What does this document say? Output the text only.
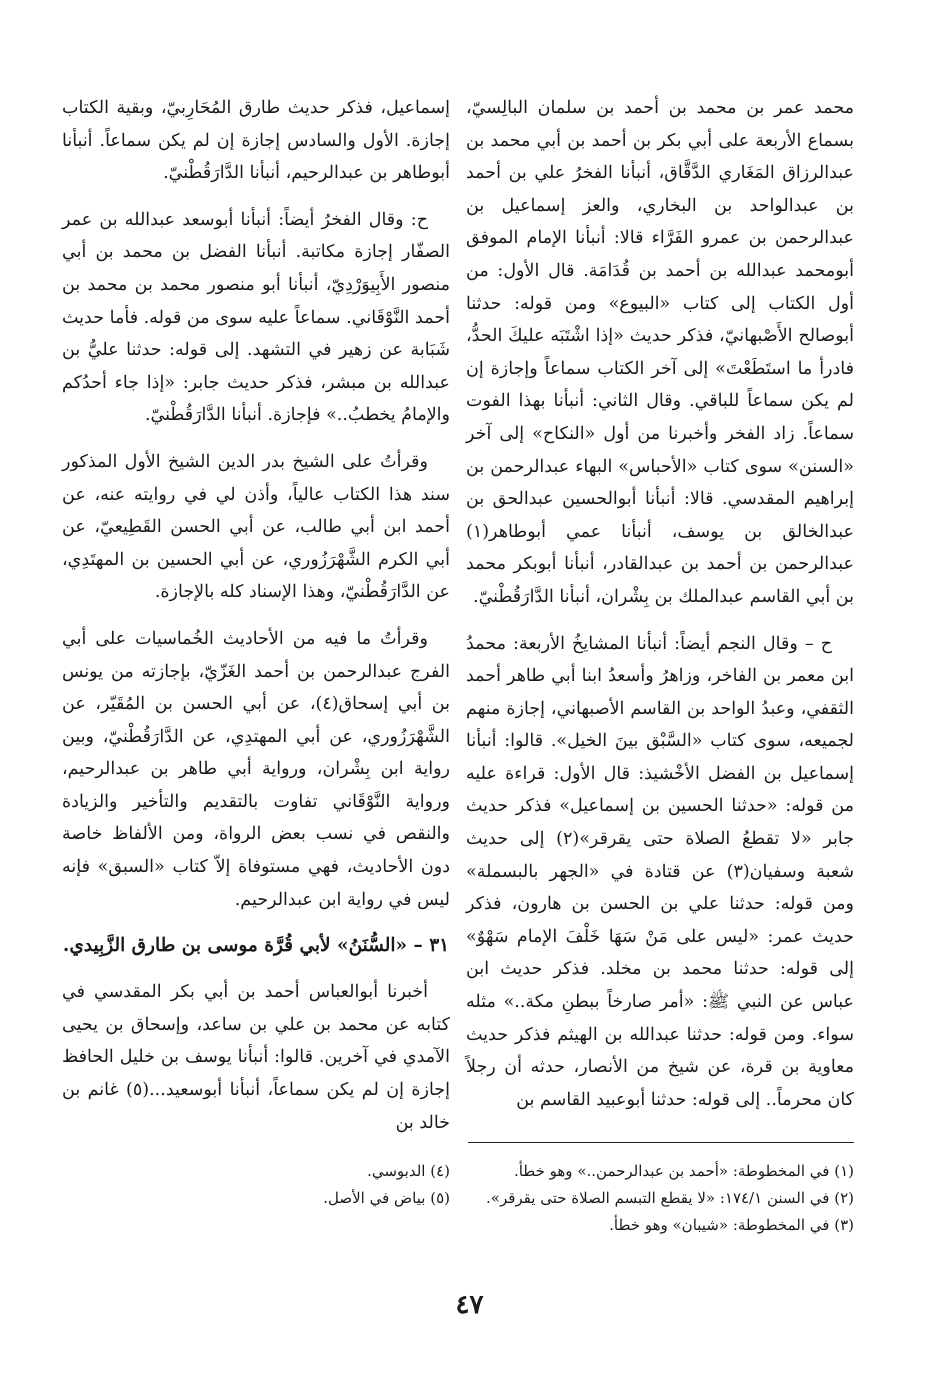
محمد عمر بن محمد بن أحمد بن سلمان البالِسيّ، بسماع الأربعة على أبي بكر بن أحمد بن أبي محمد بن عبدالرزاق المَغَاري الدَّقَّاق، أنبأنا الفخرُ علي بن أحمد بن عبدالواحد بن البخاري، والعز إسماعيل بن عبدالرحمن بن عمرو الفَرَّاء قالا: أنبأنا الإمام الموفق أبومحمد عبدالله بن أحمد بن قُدَامَة. قال الأول: من أول الكتاب إلى كتاب «البيوع» ومن قوله: حدثنا أبوصالح الأَصْبهانيّ، فذكر حديث «إذا اشْتَبَه عليكَ الحدُّ، فادرأ ما استَطَعْتَ» إلى آخر الكتاب سماعاً وإجازة إن لم يكن سماعاً للباقي. وقال الثاني: أنبأنا بهذا الفوت سماعاً. زاد الفخر وأخبرنا من أول «النكاح» إلى آخر «السنن» سوى كتاب «الأحباس» البهاء عبدالرحمن بن إبراهيم المقدسي. قالا: أنبأنا أبوالحسين عبدالحق بن عبدالخالق بن يوسف، أنبأنا عمي أبوطاهر(١) عبدالرحمن بن أحمد بن عبدالقادر، أنبأنا أبوبكر محمد بن أبي القاسم عبدالملك بن بِشْران، أنبأنا الدَّارَقُطْنيّ.

ح – وقال النجم أيضاً: أنبأنا المشايخُ الأربعة: محمدُ ابن معمر بن الفاخر، وزاهرُ وأسعدُ ابنا أبي طاهر أحمد الثقفي، وعبدُ الواحد بن القاسم الأصبهاني، إجازة منهم لجميعه، سوى كتاب «السَّبْق بينَ الخيل». قالوا: أنبأنا إسماعيل بن الفضل الأخْشيذ: قال الأول: قراءة عليه من قوله: «حدثنا الحسين بن إسماعيل» فذكر حديث جابر «لا تقطعُ الصلاة حتى يقرقر»(٢) إلى حديث شعبة وسفيان(٣) عن قتادة في «الجهر بالبسملة» ومن قوله: حدثنا علي بن الحسن بن هارون، فذكر حديث عمر: «ليس على مَنْ سَهَا خَلْفَ الإمام سَهْوٌ» إلى قوله: حدثنا محمد بن مخلد. فذكر حديث ابن عباس عن النبي ﷺ: «أمر صارخاً ببطنِ مكة..» مثله سواء. ومن قوله: حدثنا عبدالله بن الهيثم فذكر حديث معاوية بن قرة، عن شيخ من الأنصار، حدثه أن رجلاً كان محرماً.. إلى قوله: حدثنا أبوعبيد القاسم بن

إسماعيل، فذكر حديث طارق المُحَارِبيّ، وبقية الكتاب إجازة. الأول والسادس إجازة إن لم يكن سماعاً. أنبأنا أبوطاهر بن عبدالرحيم، أنبأنا الدَّارَقُطْنيّ.

ح: وقال الفخرُ أيضاً: أنبأنا أبوسعد عبدالله بن عمر الصفّار إجازة مكاتبة. أنبأنا الفضل بن محمد بن أبي منصور الأَبِيوَرْدِيّ، أنبأنا أبو منصور محمد بن محمد بن أحمد النَّوْقَاني. سماعاً عليه سوى من قوله. فأما حديث شَبَابة عن زهير في التشهد. إلى قوله: حدثنا عليُّ بن عبدالله بن مبشر، فذكر حديث جابر: «إذا جاء أحدُكم والإمامُ يخطبُ..» فإجازة. أنبأنا الدَّارَقُطْنيّ.

وقرأتُ على الشيخ بدر الدين الشيخ الأول المذكور سند هذا الكتاب عالياً، وأذن لي في روايته عنه، عن أحمد ابن أبي طالب، عن أبي الحسن القَطِيعيّ، عن أبي الكرم الشَّهْرَزُوري، عن أبي الحسين بن المهتَدِي، عن الدَّارَقُطْنيّ، وهذا الإسناد كله بالإجازة.

وقرأتُ ما فيه من الأحاديث الخُماسيات على أبي الفرج عبدالرحمن بن أحمد الغَزّيّ، بإجازته من يونس بن أبي إسحاق(٤)، عن أبي الحسن بن المُقَيّر، عن الشَّهْرَزُوري، عن أبي المهتدِي، عن الدَّارَقُطْنيّ، وبين رواية ابن بِشْران، ورواية أبي طاهر بن عبدالرحيم، ورواية النَّوْقَاني تفاوت بالتقديم والتأخير والزيادة والنقص في نسب بعض الرواة، ومن الألفاظ خاصة دون الأحاديث، فهي مستوفاة إلاّ كتاب «السبق» فإنه ليس في رواية ابن عبدالرحيم.

٣١ – «السُّنَنُ» لأبي قُرَّة موسى بن طارق الزَّبِيدي.

أخبرنا أبوالعباس أحمد بن أبي بكر المقدسي في كتابه عن محمد بن علي بن ساعد، وإسحاق بن يحيى الآمدي في آخرين. قالوا: أنبأنا يوسف بن خليل الحافظ إجازة إن لم يكن سماعاً، أنبأنا أبوسعيد...(٥) غانم بن خالد بن

(١) في المخطوطة: «أحمد بن عبدالرحمن..» وهو خطأ.
(٢) في السنن ١٧٤/١: «لا يقطع التبسم الصلاة حتى يقرقر».
(٣) في المخطوطة: «شيبان» وهو خطأ.
(٤) الدبوسي.
(٥) بياض في الأصل.
٤٧
